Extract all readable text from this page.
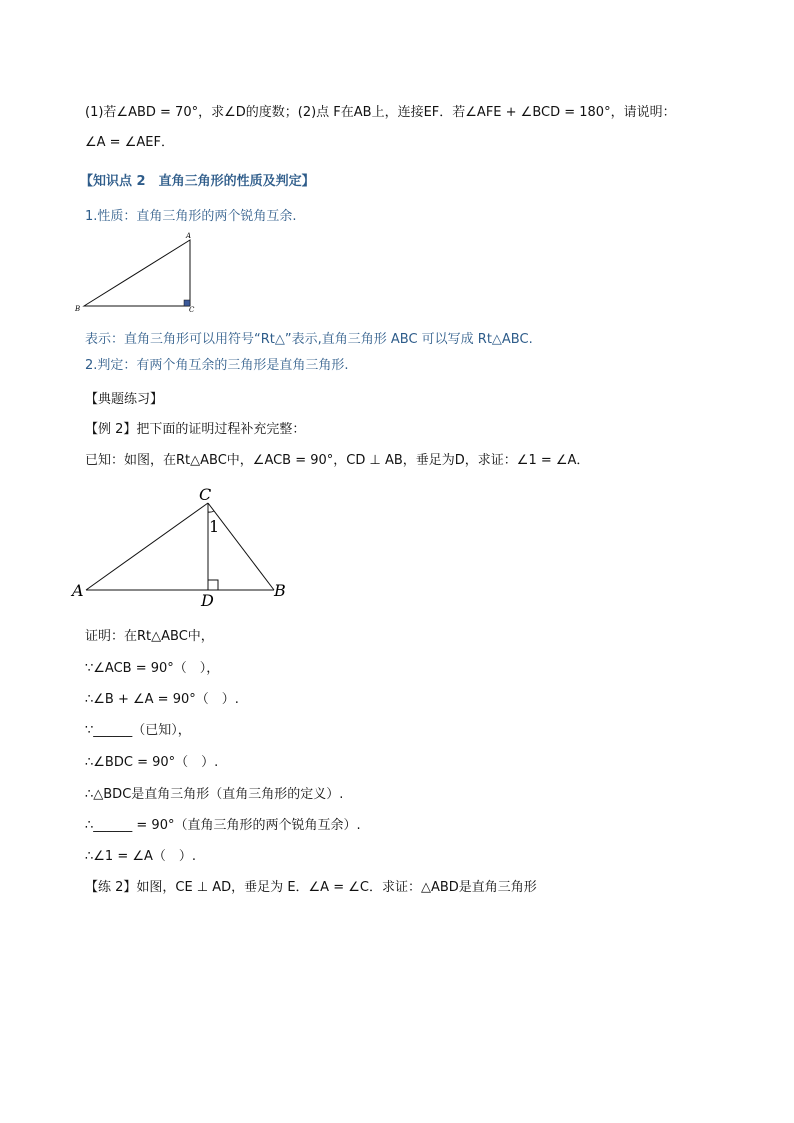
(1)若∠ABD = 70°，求∠D的度数；(2)点 F在AB上，连接EF．若∠AFE + ∠BCD = 180°，请说明：
∠A = ∠AEF．
【知识点 2　直角三角形的性质及判定】
1.性质：直角三角形的两个锐角互余.
A
B	C
表示：直角三角形可以用符号“Rt△”表示,直角三角形 ABC 可以写成 Rt△ABC.
2.判定：有两个角互余的三角形是直角三角形.
【典题练习】
【例 2】把下面的证明过程补充完整：
已知：如图，在Rt△ABC中，∠ACB = 90°，CD ⊥ AB，垂足为D，求证：∠1 = ∠A．
C
A	B
D
1
证明：在Rt△ABC中，
∵∠ACB = 90°（　），
∴∠B + ∠A = 90°（　）.
∵______（已知），
∴∠BDC = 90°（　）.
∴△BDC是直角三角形（直角三角形的定义）.
∴______ = 90°（直角三角形的两个锐角互余）.
∴∠1 = ∠A（　）.
【练 2】如图，CE ⊥ AD，垂足为 E．∠A = ∠C．求证：△ABD是直角三角形
